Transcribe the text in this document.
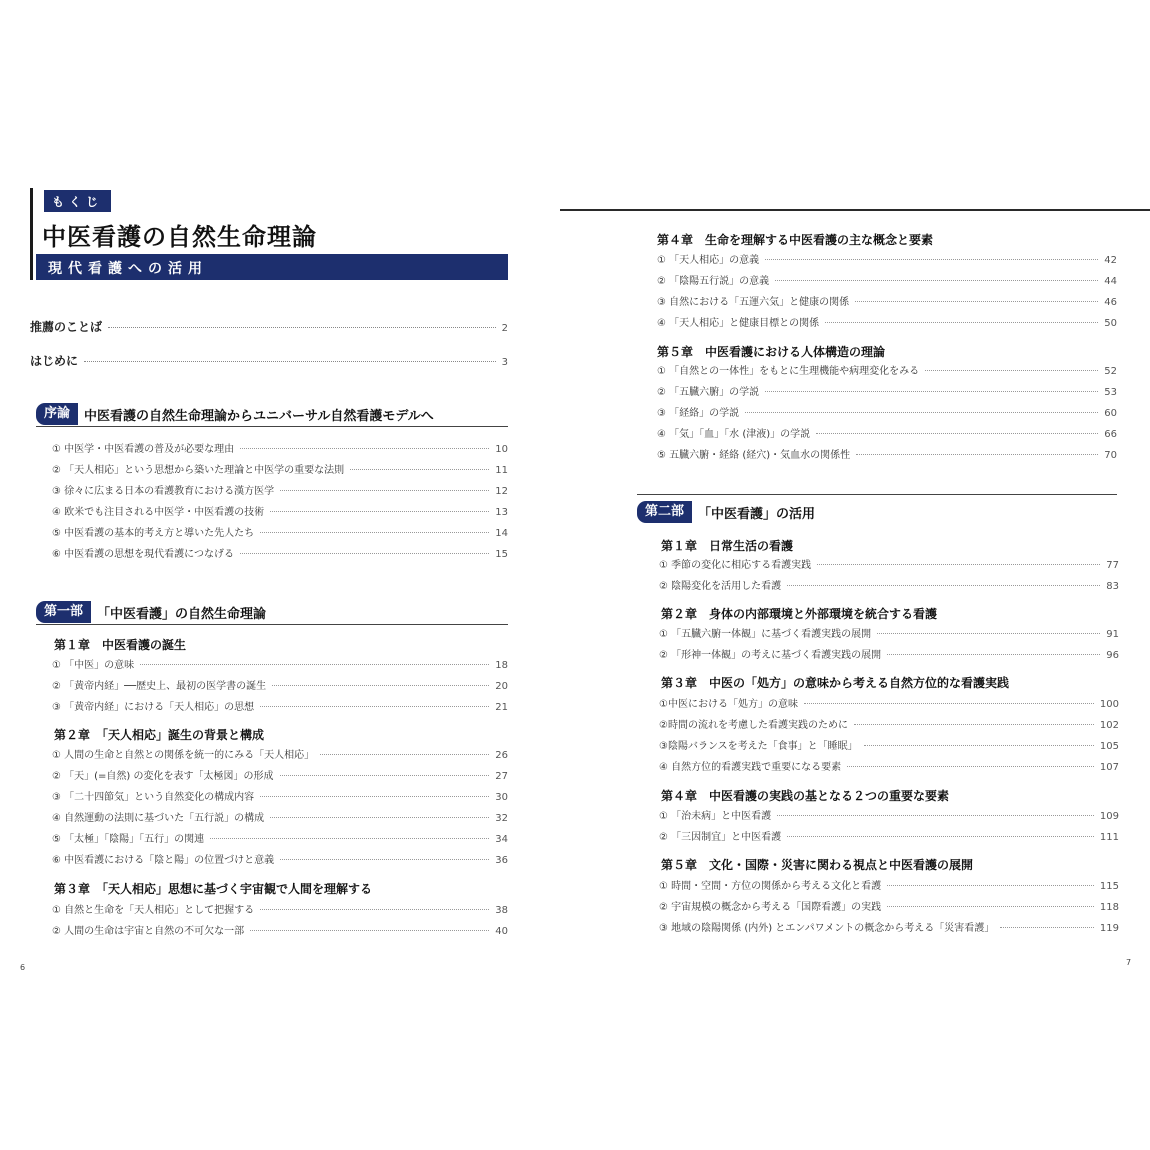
もくじ
中医看護の自然生命理論
現代看護への活用
推薦のことば	2
はじめに	3
序論	中医看護の自然生命理論からユニバーサル自然看護モデルへ
① 中医学・中医看護の普及が必要な理由	10
② 「天人相応」という思想から築いた理論と中医学の重要な法則	11
③ 徐々に広まる日本の看護教育における漢方医学	12
④ 欧米でも注目される中医学・中医看護の技術	13
⑤ 中医看護の基本的考え方と導いた先人たち	14
⑥ 中医看護の思想を現代看護につなげる	15
第一部	「中医看護」の自然生命理論
第１章　中医看護の誕生
① 「中医」の意味	18
② 「黄帝内経」──歴史上、最初の医学書の誕生	20
③ 「黄帝内経」における「天人相応」の思想	21
第２章　「天人相応」誕生の背景と構成
① 人間の生命と自然との関係を統一的にみる「天人相応」	26
② 「天」(=自然) の変化を表す「太極図」の形成	27
③ 「二十四節気」という自然変化の構成内容	30
④ 自然運動の法則に基づいた「五行説」の構成	32
⑤ 「太極」「陰陽」「五行」の関連	34
⑥ 中医看護における「陰と陽」の位置づけと意義	36
第３章　「天人相応」思想に基づく宇宙観で人間を理解する
① 自然と生命を「天人相応」として把握する	38
② 人間の生命は宇宙と自然の不可欠な一部	40
6
第４章　生命を理解する中医看護の主な概念と要素
① 「天人相応」の意義	42
② 「陰陽五行説」の意義	44
③ 自然における「五運六気」と健康の関係	46
④ 「天人相応」と健康目標との関係	50
第５章　中医看護における人体構造の理論
① 「自然との一体性」をもとに生理機能や病理変化をみる	52
② 「五臓六腑」の学説	53
③ 「経絡」の学説	60
④ 「気」「血」「水 (津液)」の学説	66
⑤ 五臓六腑・経絡 (経穴)・気血水の関係性	70
第二部	「中医看護」の活用
第１章　日常生活の看護
① 季節の変化に相応する看護実践	77
② 陰陽変化を活用した看護	83
第２章　身体の内部環境と外部環境を統合する看護
① 「五臓六腑一体観」に基づく看護実践の展開	91
② 「形神一体観」の考えに基づく看護実践の展開	96
第３章　中医の「処方」の意味から考える自然方位的な看護実践
①中医における「処方」の意味	100
②時間の流れを考慮した看護実践のために	102
③陰陽バランスを考えた「食事」と「睡眠」	105
④ 自然方位的看護実践で重要になる要素	107
第４章　中医看護の実践の基となる２つの重要な要素
① 「治未病」と中医看護	109
② 「三因制宜」と中医看護	111
第５章　文化・国際・災害に関わる視点と中医看護の展開
① 時間・空間・方位の関係から考える文化と看護	115
② 宇宙規模の概念から考える「国際看護」の実践	118
③ 地域の陰陽関係 (内外) とエンパワメントの概念から考える「災害看護」	119
7
